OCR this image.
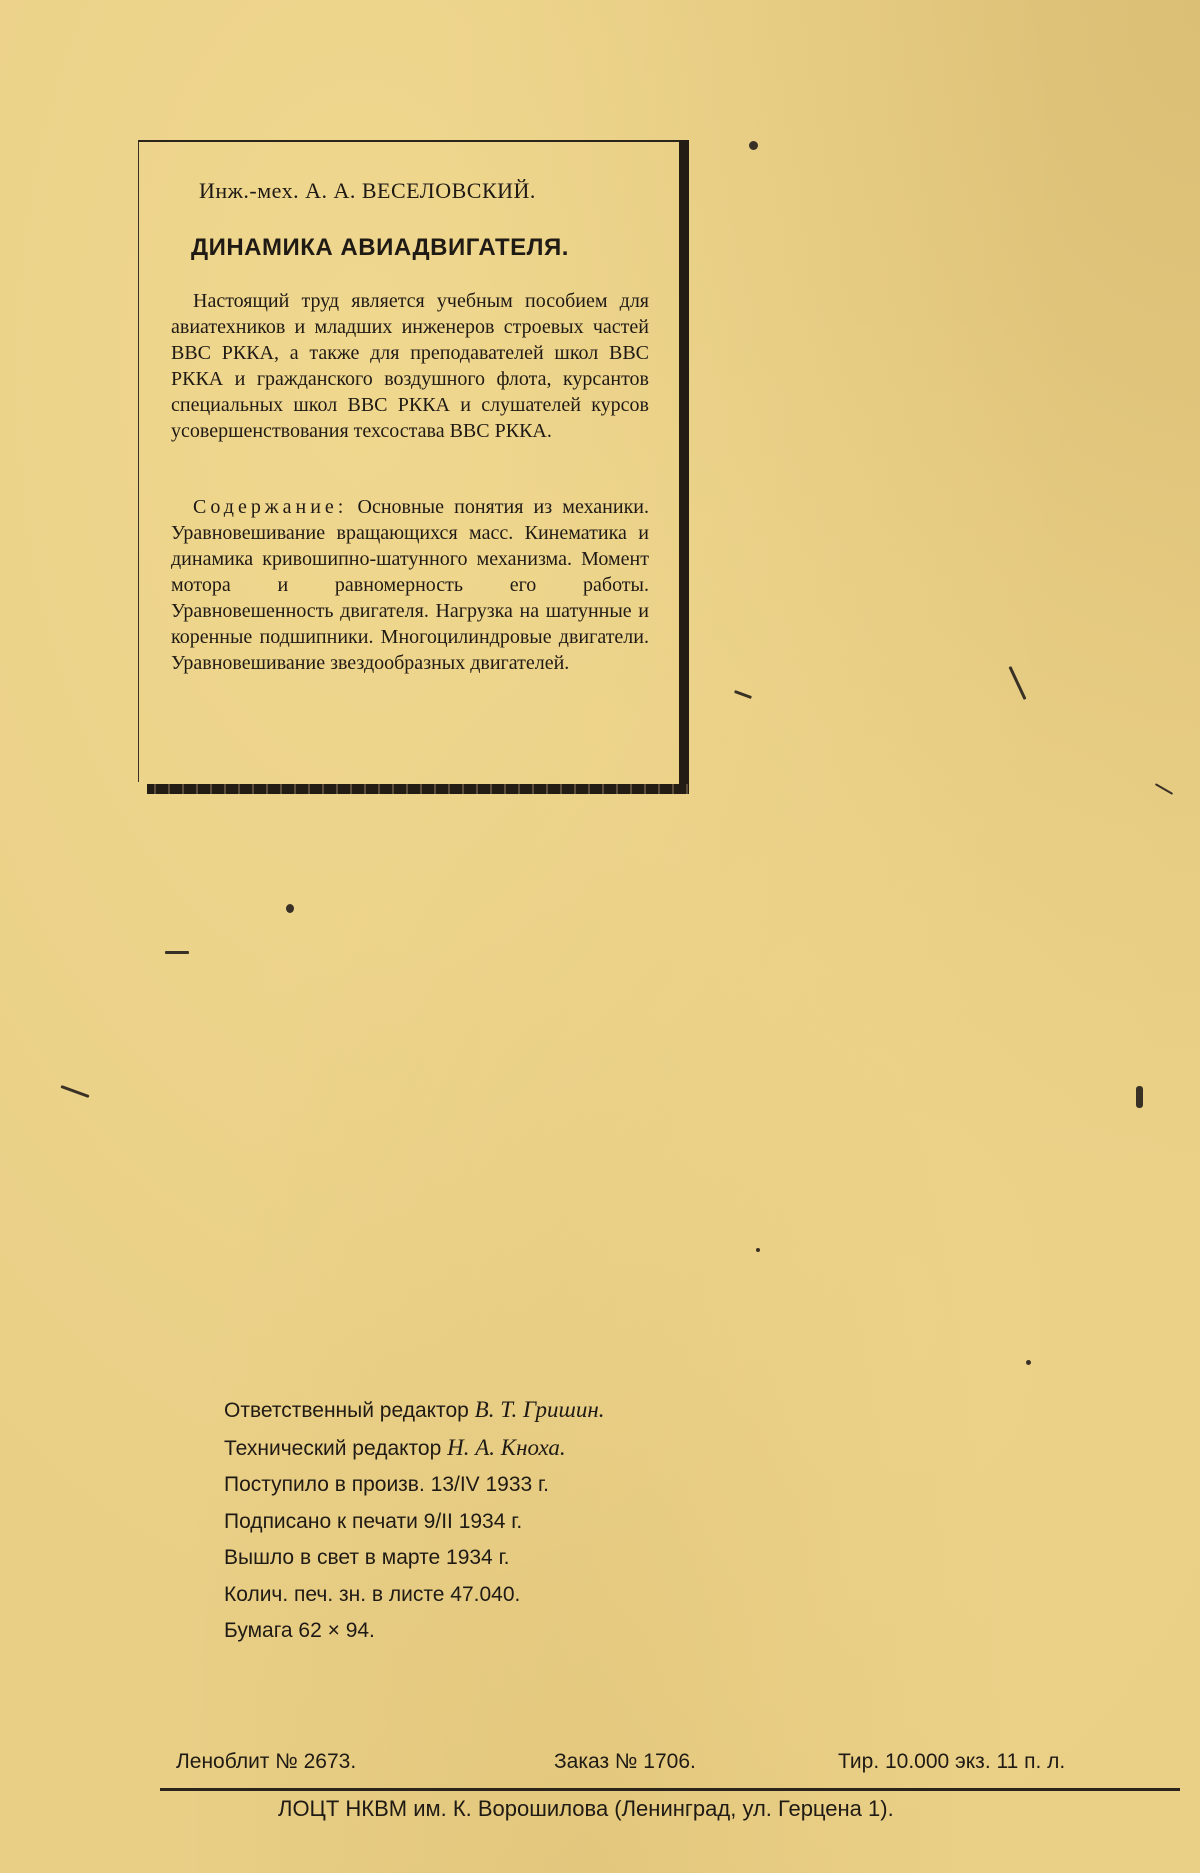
Инж.-мех. А. А. ВЕСЕЛОВСКИЙ.
ДИНАМИКА АВИАДВИГАТЕЛЯ.
Настоящий труд является учебным пособием для авиатехников и младших инженеров строевых частей ВВС РККА, а также для преподавателей школ ВВС РККА и гражданского воздушного флота, курсантов специальных школ ВВС РККА и слушателей курсов усовершенствования техсостава ВВС РККА.
Содержание: Основные понятия из механики. Уравновешивание вращающихся масс. Кинематика и динамика кривошипно-шатунного механизма. Момент мотора и равномерность его работы. Уравновешенность двигателя. Нагрузка на шатунные и коренные подшипники. Многоцилиндровые двигатели. Уравновешивание звездообразных двигателей.
Ответственный редактор В. Т. Гришин.
Технический редактор Н. А. Кноха.
Поступило в произв. 13/IV 1933 г.
Подписано к печати 9/II 1934 г.
Вышло в свет в марте 1934 г.
Колич. печ. зн. в листе 47.040.
Бумага 62 × 94.
Леноблит № 2673.	Заказ № 1706.	Тир. 10.000 экз. 11 п. л.
ЛОЦТ НКВМ им. К. Ворошилова (Ленинград, ул. Герцена 1).
